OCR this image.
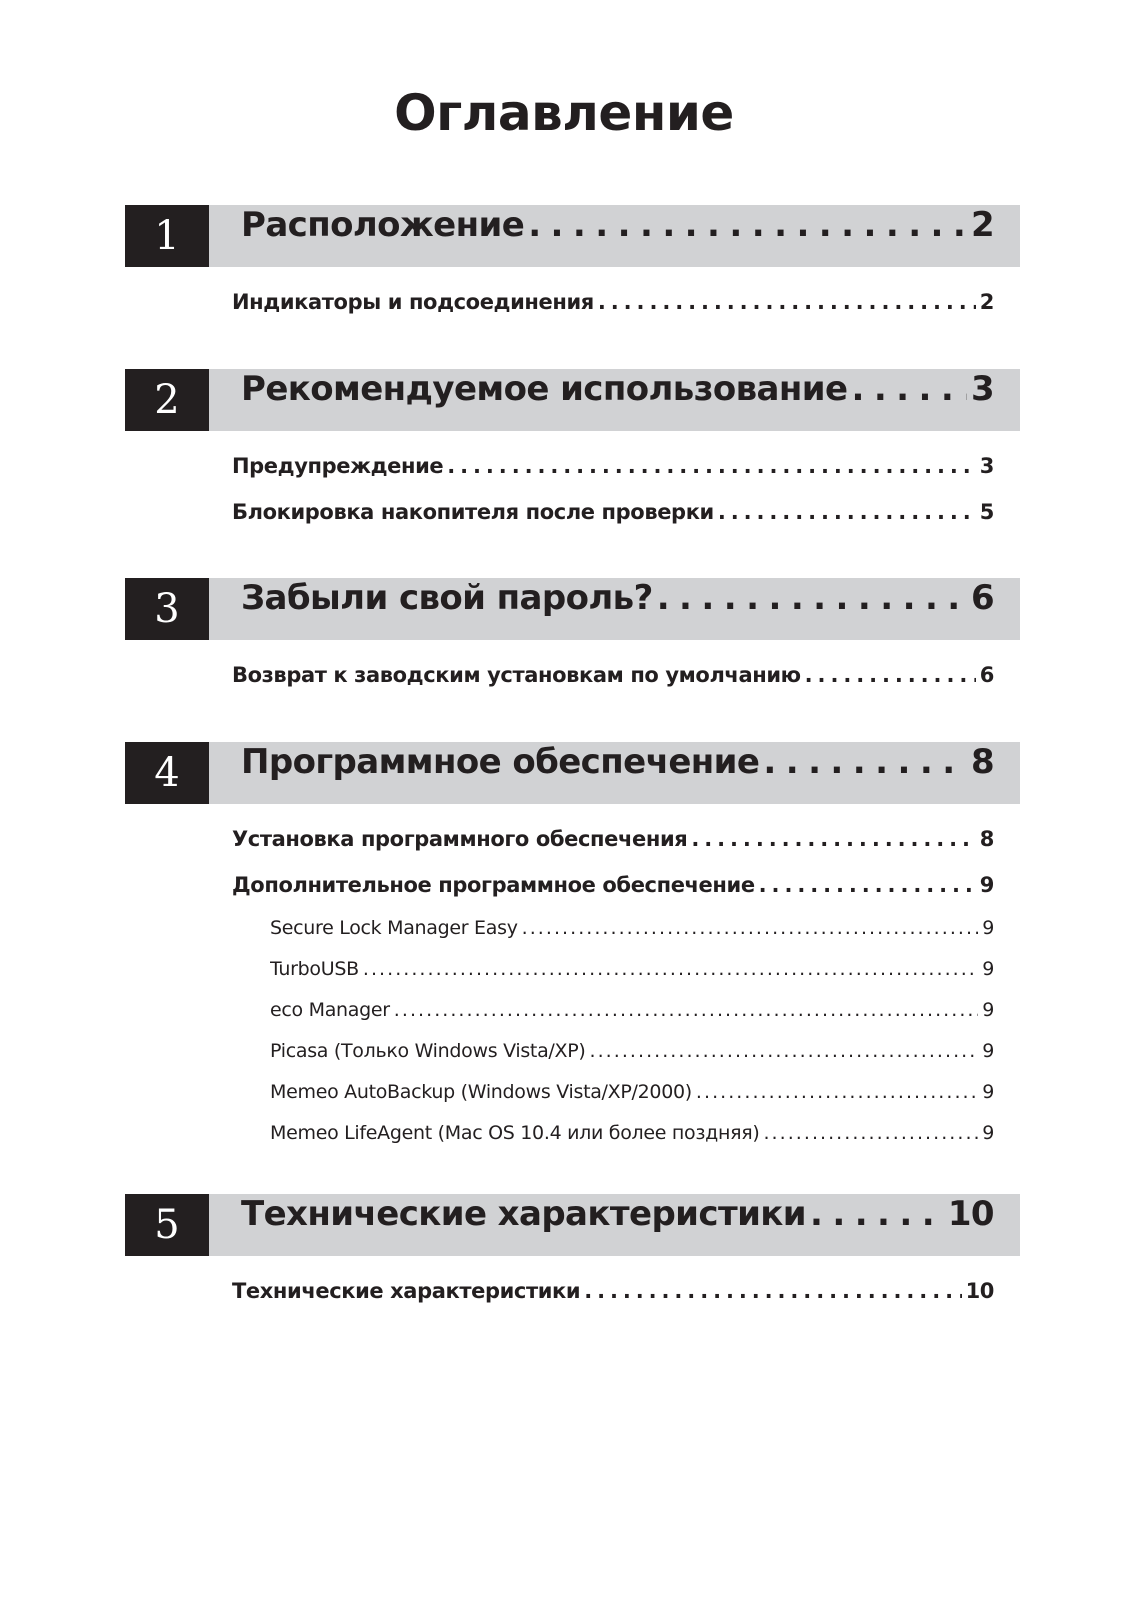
Оглавление
1	Расположение . . .	2
Индикаторы и подсоединения . . .	2
2	Рекомендуемое использование . . .	3
Предупреждение . . .	3
Блокировка накопителя после проверки . . .	5
3	Забыли свой пароль? . . .	6
Возврат к заводским установкам по умолчанию . . .	6
4	Программное обеспечение . . .	8
Установка программного обеспечения . . .	8
Дополнительное программное обеспечение . . .	9
Secure Lock Manager Easy . . .	9
TurboUSB . . .	9
eco Manager . . .	9
Picasa (Только Windows Vista/XP) . . .	9
Memeo AutoBackup (Windows Vista/XP/2000) . . .	9
Memeo LifeAgent (Mac OS 10.4 или более поздняя) . . .	9
5	Технические характеристики . . .	10
Технические характеристики . . .	10
